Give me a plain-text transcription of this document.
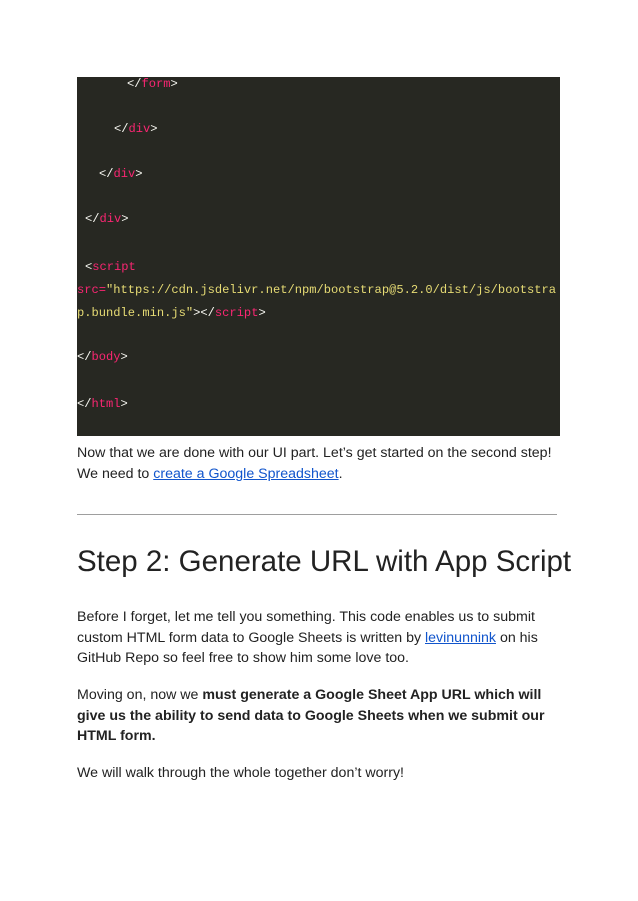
</form>
</div>
</div>
</div>
<script
src="https://cdn.jsdelivr.net/npm/bootstrap@5.2.0/dist/js/bootstra
p.bundle.min.js"></script>
</body>
</html>

Now that we are done with our UI part. Let’s get started on the second step! We need to create a Google Spreadsheet.

Step 2: Generate URL with App Script

Before I forget, let me tell you something. This code enables us to submit custom HTML form data to Google Sheets is written by levinunnink on his GitHub Repo so feel free to show him some love too.

Moving on, now we must generate a Google Sheet App URL which will give us the ability to send data to Google Sheets when we submit our HTML form.

We will walk through the whole together don’t worry!
